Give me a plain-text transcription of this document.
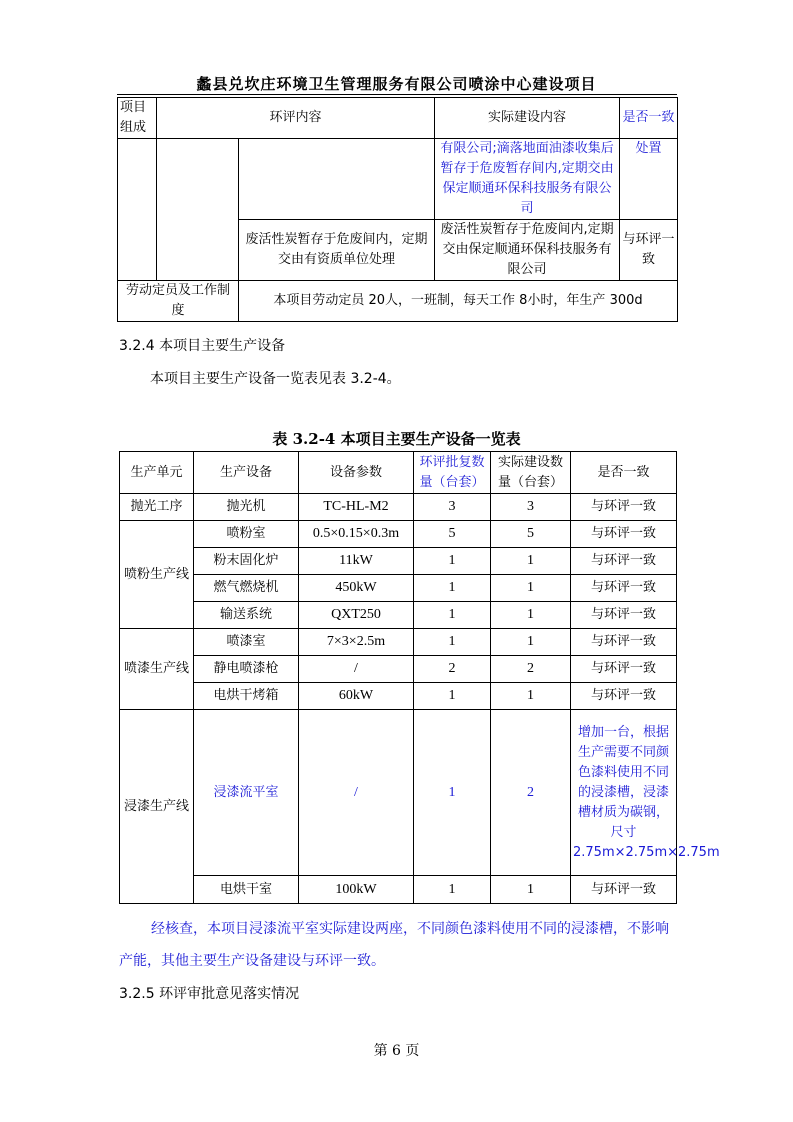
蠡县兑坎庄环境卫生管理服务有限公司喷涂中心建设项目
项目组成	环评内容		实际建设内容	是否一致
			有限公司;滴落地面油漆收集后暂存于危废暂存间内,定期交由保定顺通环保科技服务有限公司	处置
		废活性炭暂存于危废间内，定期交由有资质单位处理	废活性炭暂存于危废间内,定期交由保定顺通环保科技服务有限公司	与环评一致
劳动定员及工作制度		本项目劳动定员 20人，一班制，每天工作 8小时，年生产 300d		
3.2.4 本项目主要生产设备
本项目主要生产设备一览表见表 3.2-4。
表 3.2-4 本项目主要生产设备一览表
生产单元	生产设备	设备参数	环评批复数量（台套）	实际建设数量（台套）	是否一致
抛光工序	抛光机	TC-HL-M2	3	3	与环评一致
喷粉生产线	喷粉室	0.5×0.15×0.3m	5	5	与环评一致
	粉末固化炉	11kW	1	1	与环评一致
	燃气燃烧机	450kW	1	1	与环评一致
	输送系统	QXT250	1	1	与环评一致
喷漆生产线	喷漆室	7×3×2.5m	1	1	与环评一致
	静电喷漆枪	/	2	2	与环评一致
	电烘干烤箱	60kW	1	1	与环评一致
浸漆生产线	浸漆流平室	/	1	2	增加一台，根据生产需要不同颜色漆料使用不同的浸漆槽，浸漆槽材质为碳钢，尺寸2.75m×2.75m×2.75m
	电烘干室	100kW	1	1	与环评一致
经核查，本项目浸漆流平室实际建设两座，不同颜色漆料使用不同的浸漆槽，不影响产能，其他主要生产设备建设与环评一致。
3.2.5 环评审批意见落实情况
第 6 页
